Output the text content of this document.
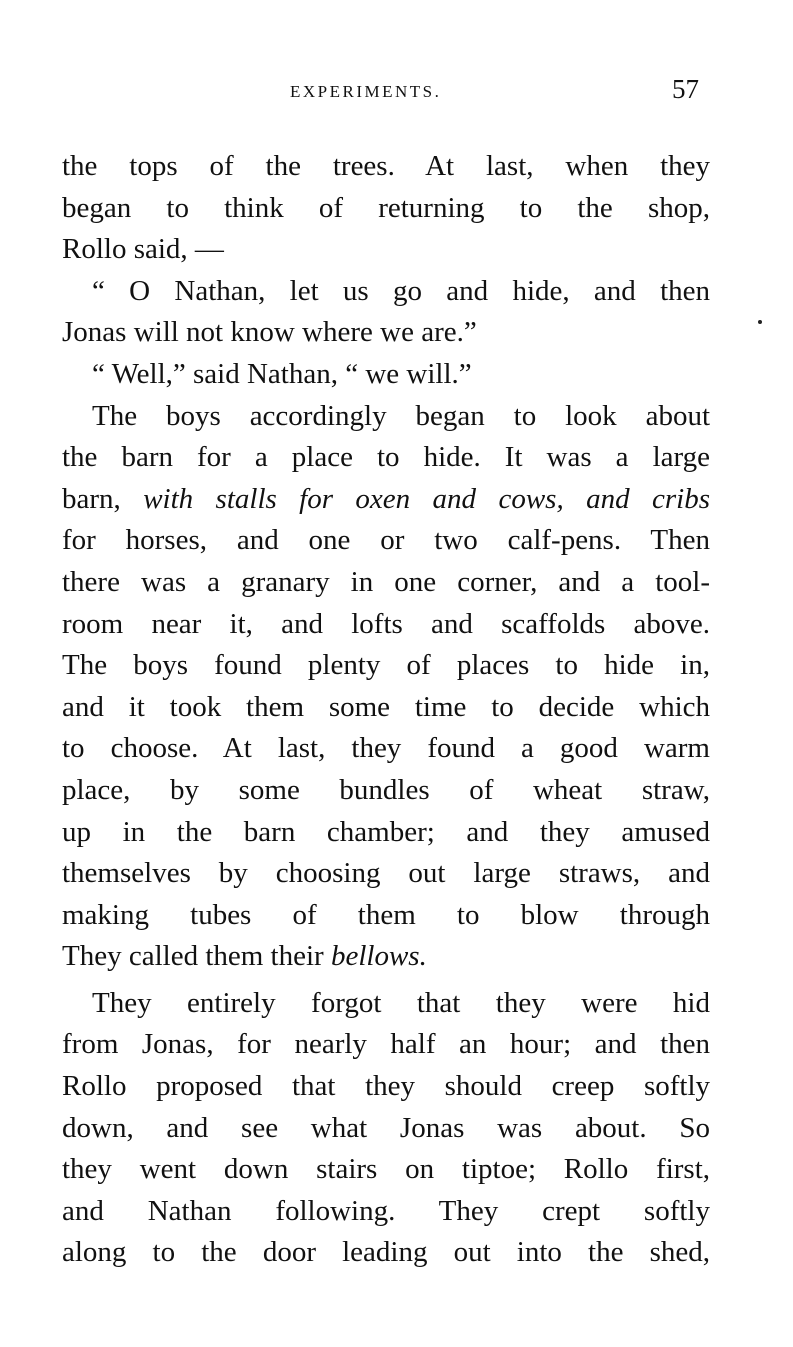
EXPERIMENTS.	57
the tops of the trees. At last, when they
began to think of returning to the shop,
Rollo said, —
“ O Nathan, let us go and hide, and then
Jonas will not know where we are.”
“ Well,” said Nathan, “ we will.”
The boys accordingly began to look about
the barn for a place to hide. It was a large
barn, with stalls for oxen and cows, and cribs
for horses, and one or two calf-pens. Then
there was a granary in one corner, and a tool-
room near it, and lofts and scaffolds above.
The boys found plenty of places to hide in,
and it took them some time to decide which
to choose. At last, they found a good warm
place, by some bundles of wheat straw,
up in the barn chamber; and they amused
themselves by choosing out large straws, and
making tubes of them to blow through
They called them their bellows.
They entirely forgot that they were hid
from Jonas, for nearly half an hour; and then
Rollo proposed that they should creep softly
down, and see what Jonas was about. So
they went down stairs on tiptoe; Rollo first,
and Nathan following. They crept softly
along to the door leading out into the shed,
